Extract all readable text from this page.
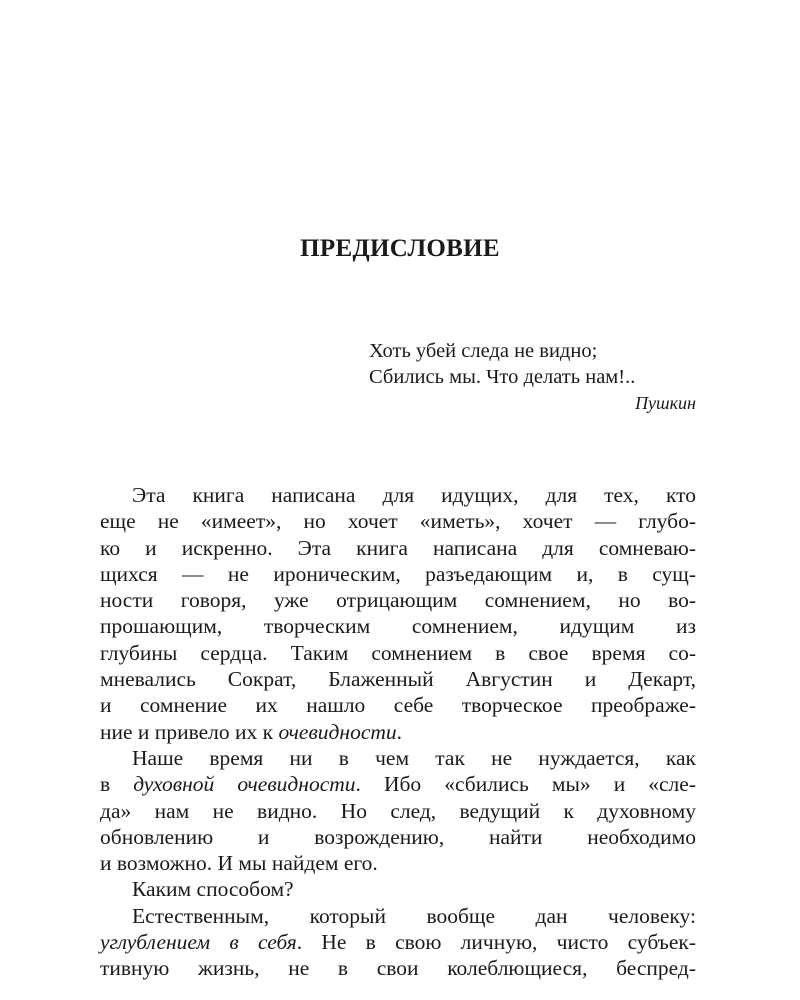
ПРЕДИСЛОВИЕ
Хоть убей следа не видно;
Сбились мы. Что делать нам!..
Пушкин
Эта книга написана для идущих, для тех, кто
еще не «имеет», но хочет «иметь», хочет — глубо-
ко и искренно. Эта книга написана для сомневаю-
щихся — не ироническим, разъедающим и, в сущ-
ности говоря, уже отрицающим сомнением, но во-
прошающим, творческим сомнением, идущим из
глубины сердца. Таким сомнением в свое время со-
мневались Сократ, Блаженный Августин и Декарт,
и сомнение их нашло себе творческое преображе-
ние и привело их к очевидности.
Наше время ни в чем так не нуждается, как
в духовной очевидности. Ибо «сбились мы» и «сле-
да» нам не видно. Но след, ведущий к духовному
обновлению и возрождению, найти необходимо
и возможно. И мы найдем его.
Каким способом?
Естественным, который вообще дан человеку:
углублением в себя. Не в свою личную, чисто субъек-
тивную жизнь, не в свои колеблющиеся, беспред-
